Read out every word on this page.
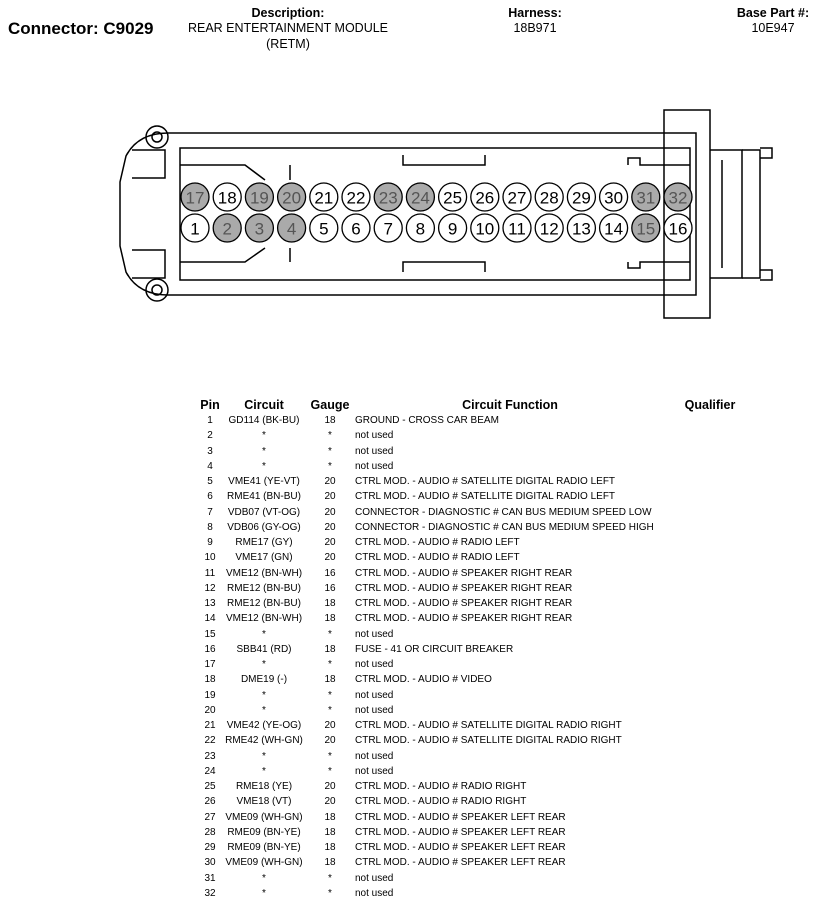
Connector: C9029
Description:
REAR ENTERTAINMENT MODULE
(RETM)
Harness:
18B971
Base Part #:
10E947
17 18 19 20 21 22 23 24 25 26 27 28 29 30 31 32
1 2 3 4 5 6 7 8 9 10 11 12 13 14 15 16
Pin	Circuit	Gauge	Circuit Function	Qualifier
1	GD114 (BK-BU)	18	GROUND - CROSS CAR BEAM	
2	*	*	not used	
3	*	*	not used	
4	*	*	not used	
5	VME41 (YE-VT)	20	CTRL MOD. - AUDIO # SATELLITE DIGITAL RADIO LEFT	
6	RME41 (BN-BU)	20	CTRL MOD. - AUDIO # SATELLITE DIGITAL RADIO LEFT	
7	VDB07 (VT-OG)	20	CONNECTOR - DIAGNOSTIC # CAN BUS MEDIUM SPEED LOW	
8	VDB06 (GY-OG)	20	CONNECTOR - DIAGNOSTIC # CAN BUS MEDIUM SPEED HIGH	
9	RME17 (GY)	20	CTRL MOD. - AUDIO # RADIO LEFT	
10	VME17 (GN)	20	CTRL MOD. - AUDIO # RADIO LEFT	
11	VME12 (BN-WH)	16	CTRL MOD. - AUDIO # SPEAKER RIGHT REAR	
12	RME12 (BN-BU)	16	CTRL MOD. - AUDIO # SPEAKER RIGHT REAR	
13	RME12 (BN-BU)	18	CTRL MOD. - AUDIO # SPEAKER RIGHT REAR	
14	VME12 (BN-WH)	18	CTRL MOD. - AUDIO # SPEAKER RIGHT REAR	
15	*	*	not used	
16	SBB41 (RD)	18	FUSE - 41 OR CIRCUIT BREAKER	
17	*	*	not used	
18	DME19 (-)	18	CTRL MOD. - AUDIO # VIDEO	
19	*	*	not used	
20	*	*	not used	
21	VME42 (YE-OG)	20	CTRL MOD. - AUDIO # SATELLITE DIGITAL RADIO RIGHT	
22	RME42 (WH-GN)	20	CTRL MOD. - AUDIO # SATELLITE DIGITAL RADIO RIGHT	
23	*	*	not used	
24	*	*	not used	
25	RME18 (YE)	20	CTRL MOD. - AUDIO # RADIO RIGHT	
26	VME18 (VT)	20	CTRL MOD. - AUDIO # RADIO RIGHT	
27	VME09 (WH-GN)	18	CTRL MOD. - AUDIO # SPEAKER LEFT REAR	
28	RME09 (BN-YE)	18	CTRL MOD. - AUDIO # SPEAKER LEFT REAR	
29	RME09 (BN-YE)	18	CTRL MOD. - AUDIO # SPEAKER LEFT REAR	
30	VME09 (WH-GN)	18	CTRL MOD. - AUDIO # SPEAKER LEFT REAR	
31	*	*	not used	
32	*	*	not used	
